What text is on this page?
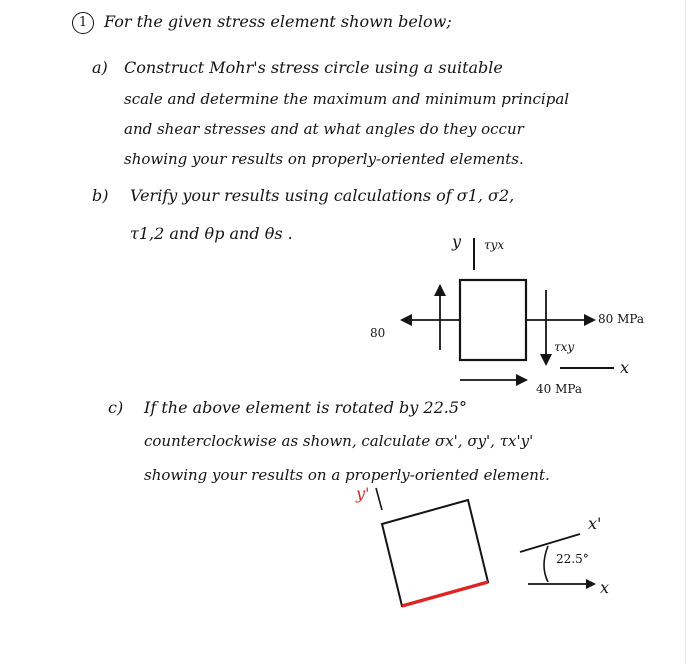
1	For the given stress element shown below;
a) Construct Mohr's stress circle using a suitable
scale and determine the maximum and minimum principal
and shear stresses and at what angles do they occur
showing your results on properly-oriented elements.
b) Verify your results using calculations of σ1, σ2,
τ1,2 and θp and θs .	y τyx
80
80 MPa
τxy
x
40 MPa
c) If the above element is rotated by 22.5°
counterclockwise as shown, calculate σx', σy', τx'y'
showing your results on a properly-oriented element.
y'
x'
22.5°
x
